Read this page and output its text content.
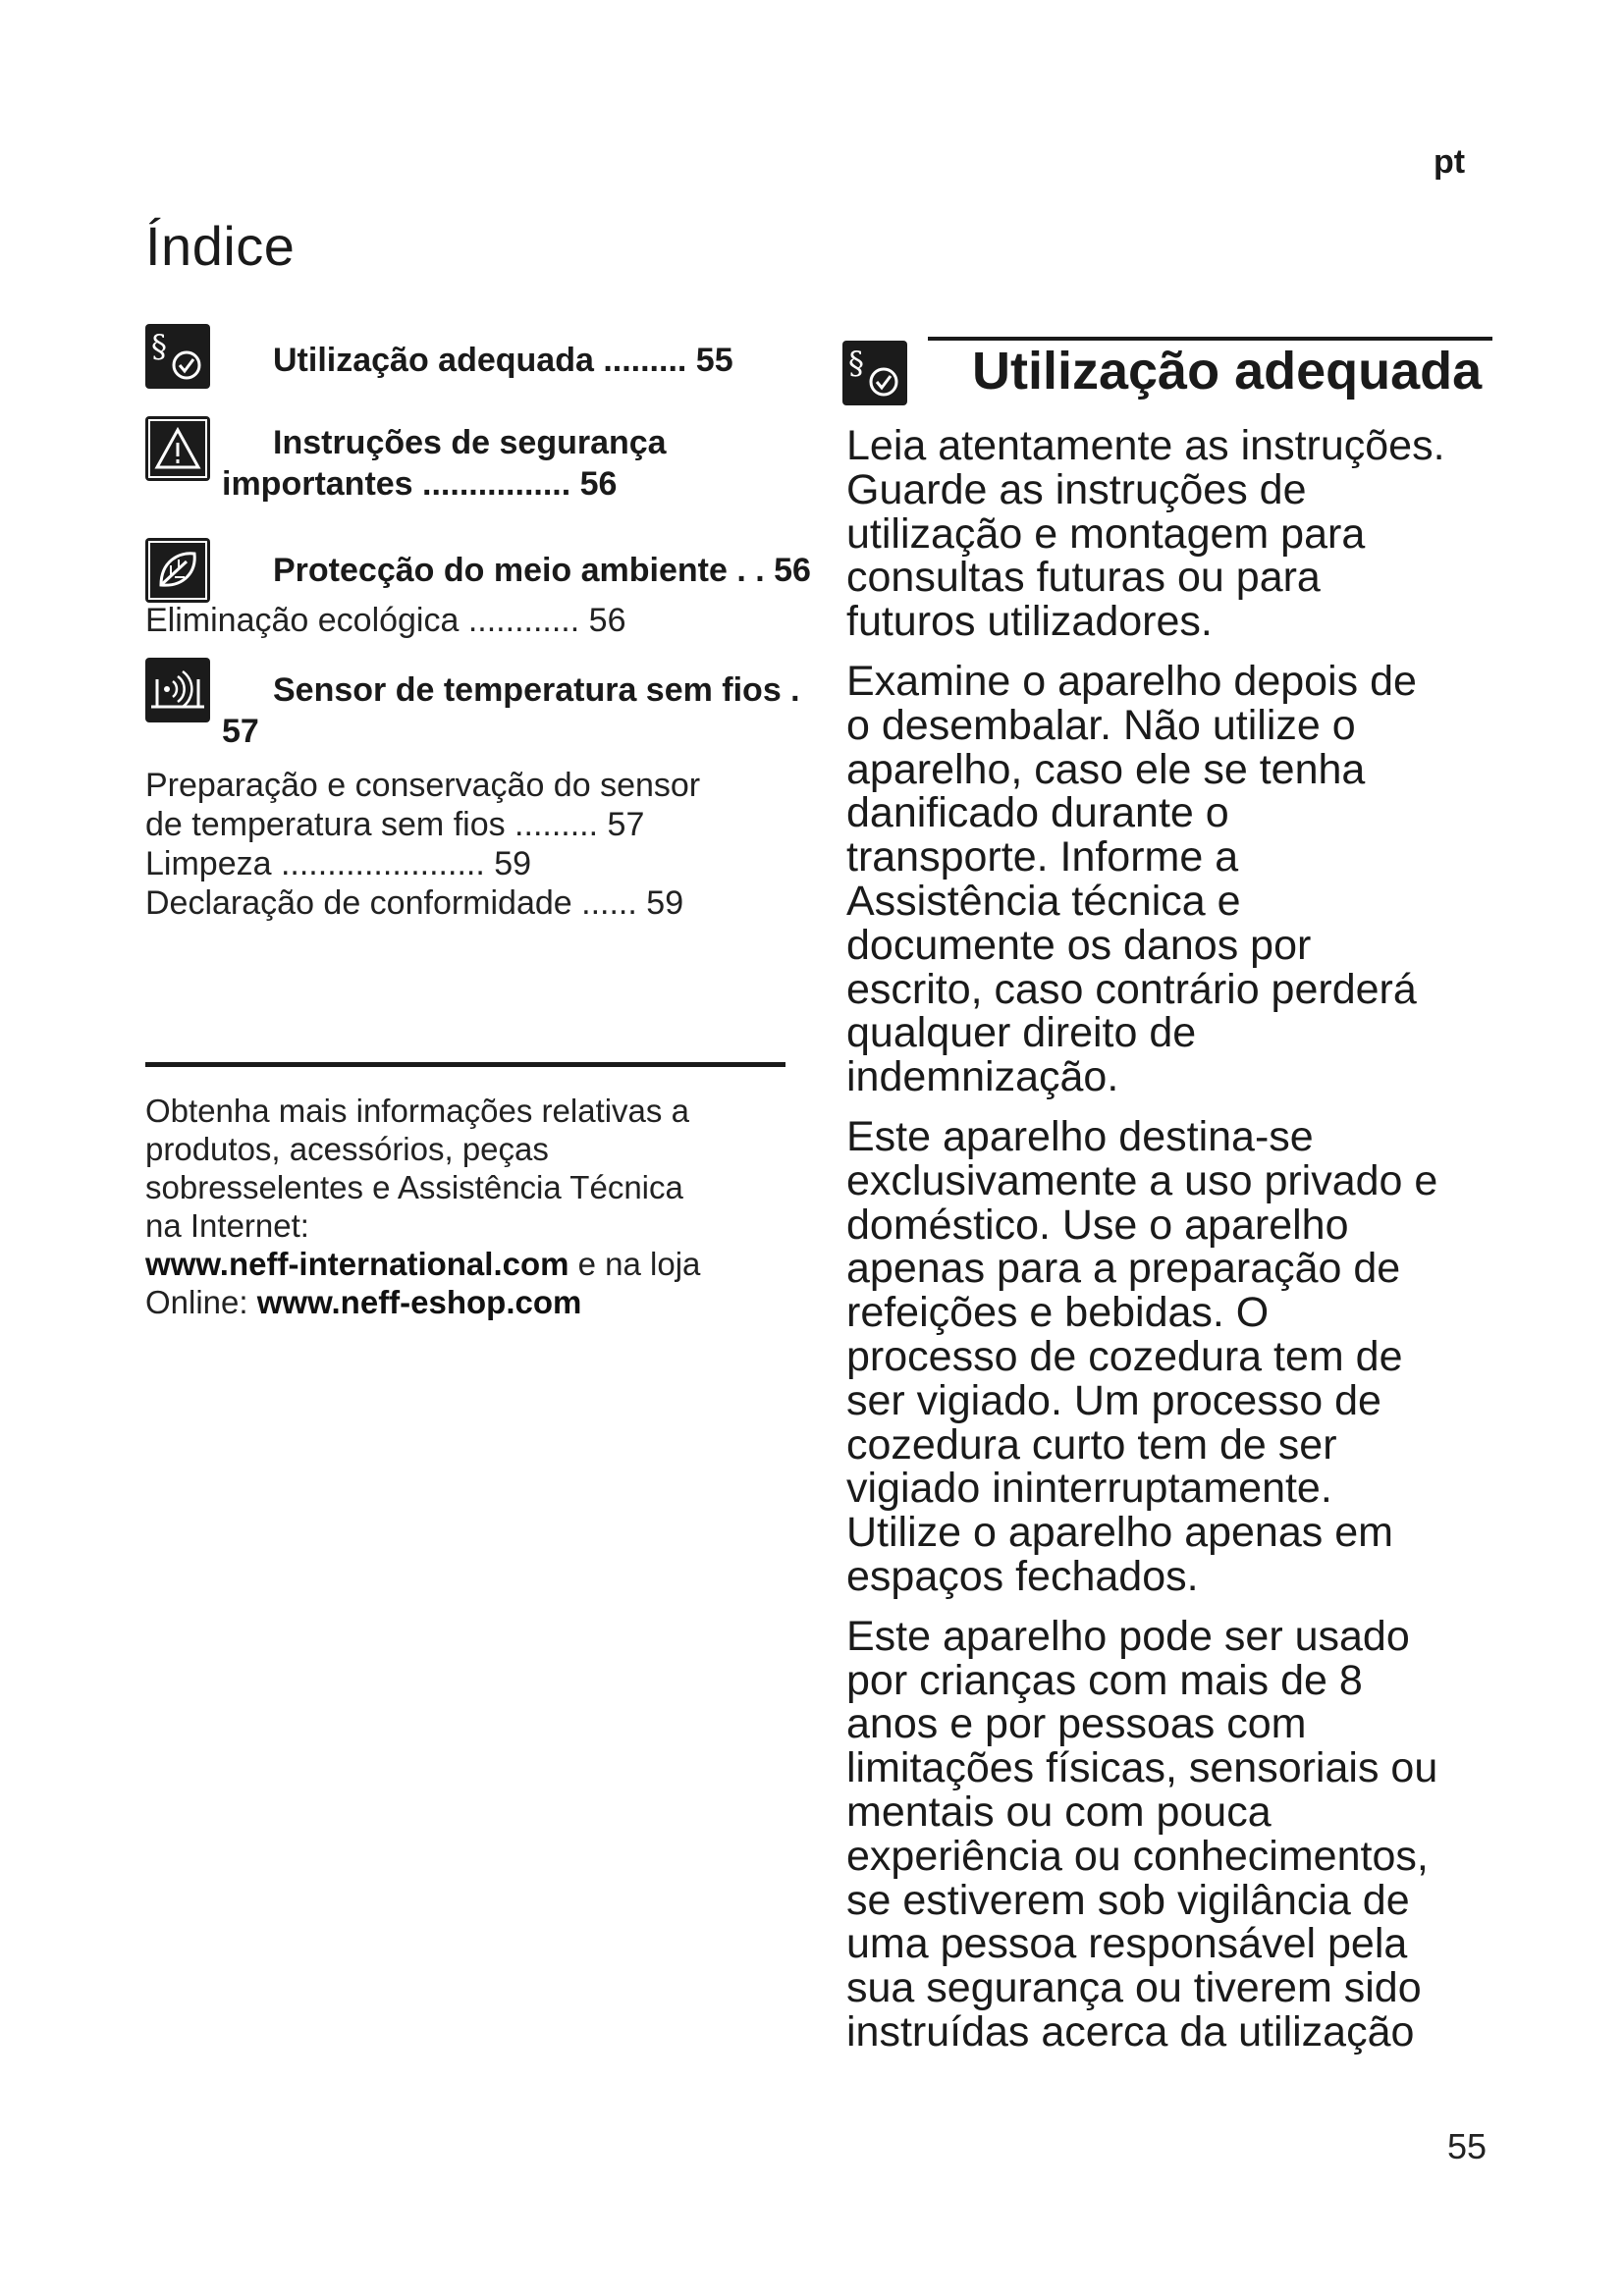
pt
Índice
§	Utilização adequada ......... 55
Instruções de segurança
importantes ................ 56
Protecção do meio ambiente . . 56
Eliminação ecológica ............ 56
Sensor de temperatura sem fios .
57
Preparação e conservação do sensor
de temperatura sem fios ......... 57
Limpeza ...................... 59
Declaração de conformidade ...... 59
Obtenha mais informações relativas a
produtos, acessórios, peças
sobresselentes e Assistência Técnica
na Internet:
www.neff-international.com e na loja
Online: www.neff-eshop.com
§ Utilização adequada

Leia atentamente as instruções.
Guarde as instruções de
utilização e montagem para
consultas futuras ou para
futuros utilizadores.

Examine o aparelho depois de
o desembalar. Não utilize o
aparelho, caso ele se tenha
danificado durante o
transporte. Informe a
Assistência técnica e
documente os danos por
escrito, caso contrário perderá
qualquer direito de
indemnização.

Este aparelho destina-se
exclusivamente a uso privado e
doméstico. Use o aparelho
apenas para a preparação de
refeições e bebidas. O
processo de cozedura tem de
ser vigiado. Um processo de
cozedura curto tem de ser
vigiado ininterruptamente.
Utilize o aparelho apenas em
espaços fechados.

Este aparelho pode ser usado
por crianças com mais de 8
anos e por pessoas com
limitações físicas, sensoriais ou
mentais ou com pouca
experiência ou conhecimentos,
se estiverem sob vigilância de
uma pessoa responsável pela
sua segurança ou tiverem sido
instruídas acerca da utilização

55
